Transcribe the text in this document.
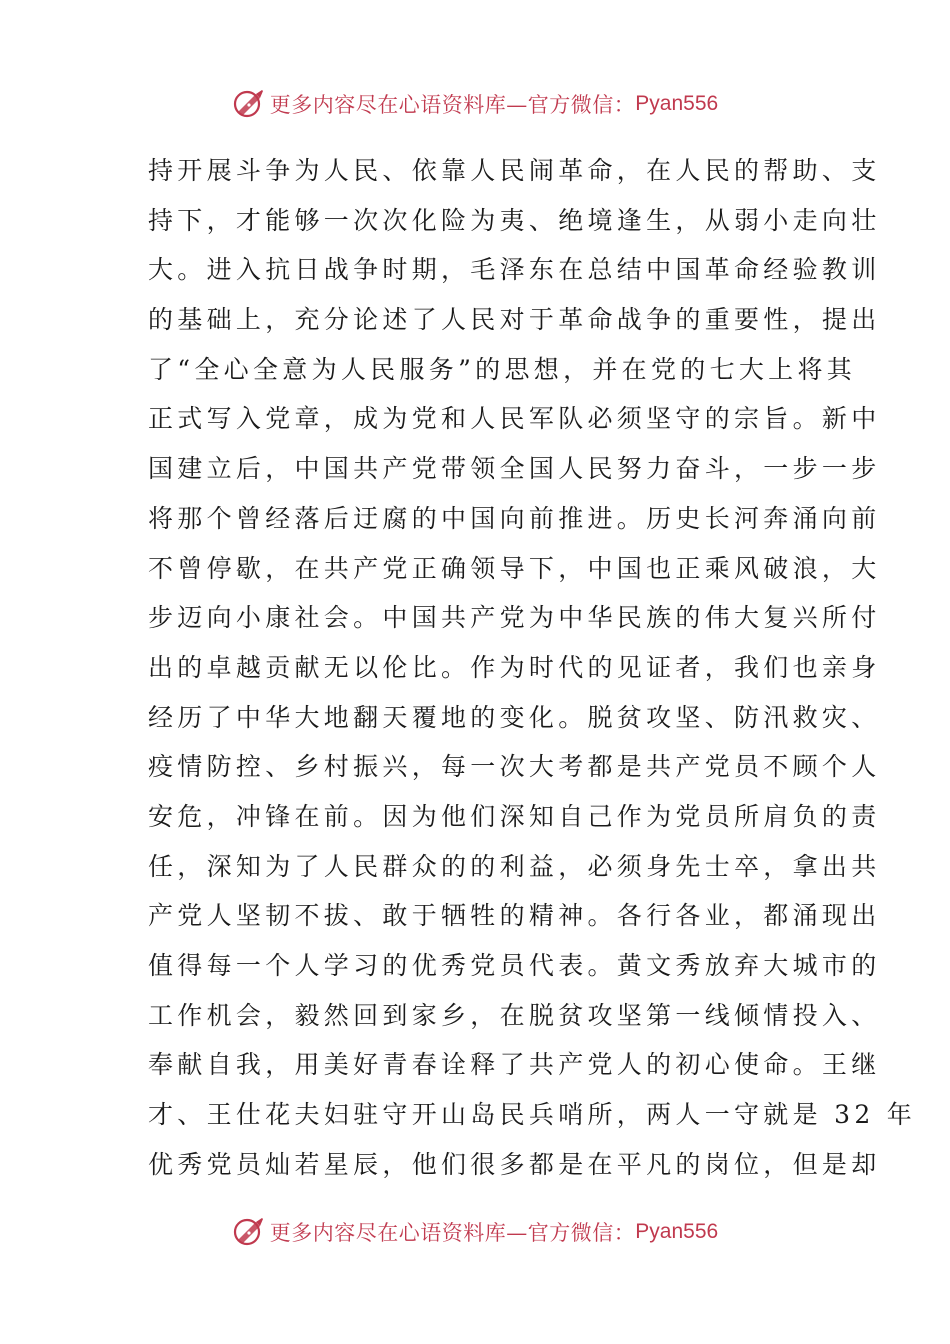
更多内容尽在心语资料库—官方微信： Pyan556
持开展斗争为人民、依靠人民闹革命，在人民的帮助、支
持下，才能够一次次化险为夷、绝境逢生，从弱小走向壮
大。进入抗日战争时期，毛泽东在总结中国革命经验教训
的基础上，充分论述了人民对于革命战争的重要性，提出
了“全心全意为人民服务”的思想，并在党的七大上将其
正式写入党章，成为党和人民军队必须坚守的宗旨。新中
国建立后，中国共产党带领全国人民努力奋斗，一步一步
将那个曾经落后迂腐的中国向前推进。历史长河奔涌向前
不曾停歇，在共产党正确领导下，中国也正乘风破浪，大
步迈向小康社会。中国共产党为中华民族的伟大复兴所付
出的卓越贡献无以伦比。作为时代的见证者，我们也亲身
经历了中华大地翻天覆地的变化。脱贫攻坚、防汛救灾、
疫情防控、乡村振兴，每一次大考都是共产党员不顾个人
安危，冲锋在前。因为他们深知自己作为党员所肩负的责
任，深知为了人民群众的的利益，必须身先士卒，拿出共
产党人坚韧不拔、敢于牺牲的精神。各行各业，都涌现出
值得每一个人学习的优秀党员代表。黄文秀放弃大城市的
工作机会，毅然回到家乡，在脱贫攻坚第一线倾情投入、
奉献自我，用美好青春诠释了共产党人的初心使命。王继
才、王仕花夫妇驻守开山岛民兵哨所，两人一守就是 32 年
优秀党员灿若星辰，他们很多都是在平凡的岗位，但是却
更多内容尽在心语资料库—官方微信： Pyan556
